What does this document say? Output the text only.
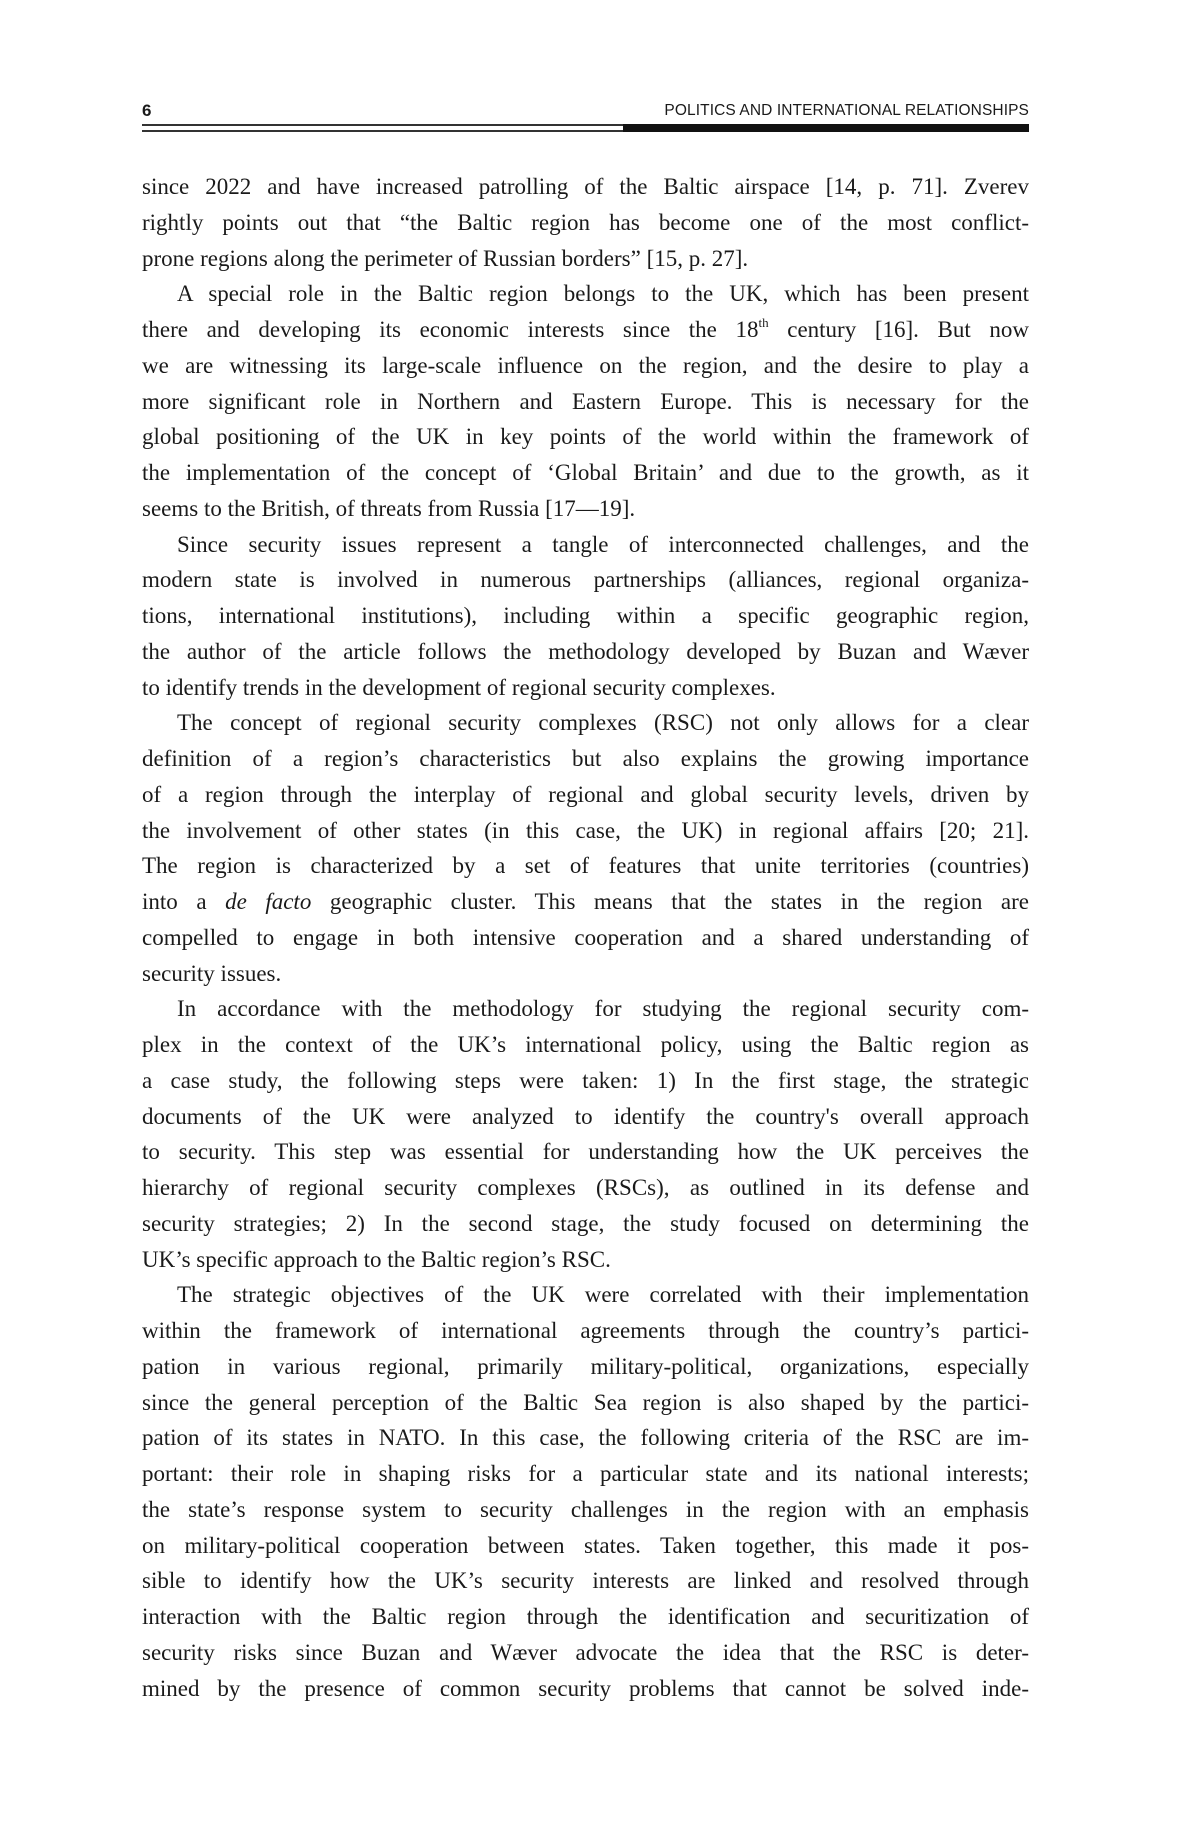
6	POLITICS AND INTERNATIONAL RELATIONSHIPS
since 2022 and have increased patrolling of the Baltic airspace [14, p. 71]. Zverev
rightly points out that “the Baltic region has become one of the most conflict-
prone regions along the perimeter of Russian borders” [15, p. 27].
A special role in the Baltic region belongs to the UK, which has been present
there and developing its economic interests since the 18th century [16]. But now
we are witnessing its large-scale influence on the region, and the desire to play a
more significant role in Northern and Eastern Europe. This is necessary for the
global positioning of the UK in key points of the world within the framework of
the implementation of the concept of ‘Global Britain’ and due to the growth, as it
seems to the British, of threats from Russia [17—19].
Since security issues represent a tangle of interconnected challenges, and the
modern state is involved in numerous partnerships (alliances, regional organiza-
tions, international institutions), including within a specific geographic region,
the author of the article follows the methodology developed by Buzan and Wæver
to identify trends in the development of regional security complexes.
The concept of regional security complexes (RSC) not only allows for a clear
definition of a region’s characteristics but also explains the growing importance
of a region through the interplay of regional and global security levels, driven by
the involvement of other states (in this case, the UK) in regional affairs [20; 21].
The region is characterized by a set of features that unite territories (countries)
into a de facto geographic cluster. This means that the states in the region are
compelled to engage in both intensive cooperation and a shared understanding of
security issues.
In accordance with the methodology for studying the regional security com-
plex in the context of the UK’s international policy, using the Baltic region as
a case study, the following steps were taken: 1) In the first stage, the strategic
documents of the UK were analyzed to identify the country's overall approach
to security. This step was essential for understanding how the UK perceives the
hierarchy of regional security complexes (RSCs), as outlined in its defense and
security strategies; 2) In the second stage, the study focused on determining the
UK’s specific approach to the Baltic region’s RSC.
The strategic objectives of the UK were correlated with their implementation
within the framework of international agreements through the country’s partici-
pation in various regional, primarily military-political, organizations, especially
since the general perception of the Baltic Sea region is also shaped by the partici-
pation of its states in NATO. In this case, the following criteria of the RSC are im-
portant: their role in shaping risks for a particular state and its national interests;
the state’s response system to security challenges in the region with an emphasis
on military-political cooperation between states. Taken together, this made it pos-
sible to identify how the UK’s security interests are linked and resolved through
interaction with the Baltic region through the identification and securitization of
security risks since Buzan and Wæver advocate the idea that the RSC is deter-
mined by the presence of common security problems that cannot be solved inde-
